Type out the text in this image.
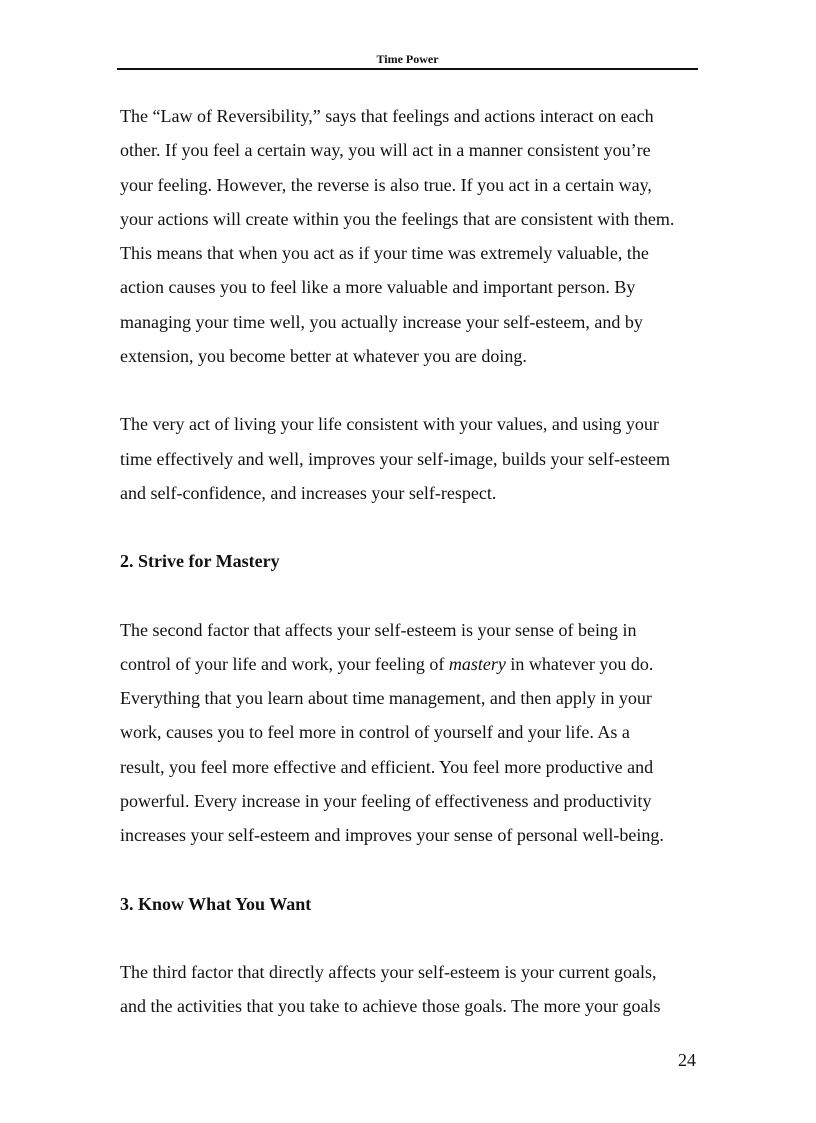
Time Power

The “Law of Reversibility,” says that feelings and actions interact on each
other. If you feel a certain way, you will act in a manner consistent you’re
your feeling. However, the reverse is also true. If you act in a certain way,
your actions will create within you the feelings that are consistent with them.
This means that when you act as if your time was extremely valuable, the
action causes you to feel like a more valuable and important person. By
managing your time well, you actually increase your self-esteem, and by
extension, you become better at whatever you are doing.

The very act of living your life consistent with your values, and using your
time effectively and well, improves your self-image, builds your self-esteem
and self-confidence, and increases your self-respect.

2. Strive for Mastery

The second factor that affects your self-esteem is your sense of being in
control of your life and work, your feeling of mastery in whatever you do.
Everything that you learn about time management, and then apply in your
work, causes you to feel more in control of yourself and your life. As a
result, you feel more effective and efficient. You feel more productive and
powerful. Every increase in your feeling of effectiveness and productivity
increases your self-esteem and improves your sense of personal well-being.

3. Know What You Want

The third factor that directly affects your self-esteem is your current goals,
and the activities that you take to achieve those goals. The more your goals

24
